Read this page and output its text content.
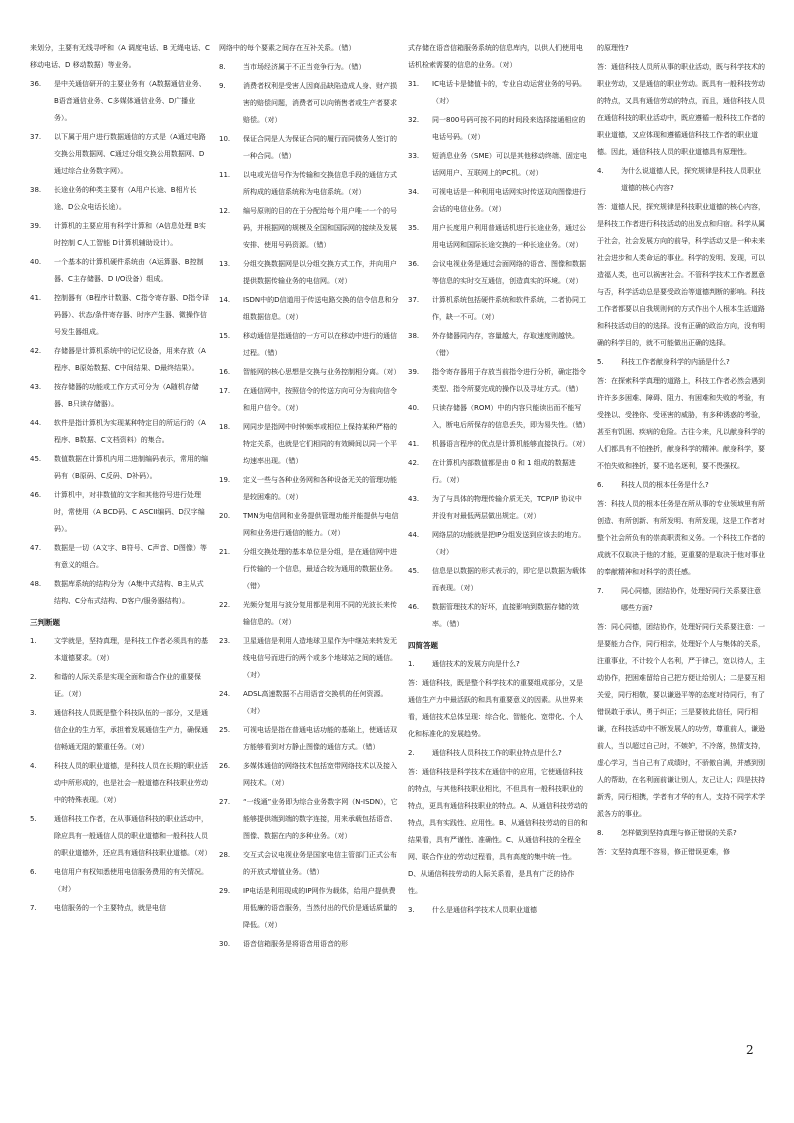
来划分，主要有无线寻呼和（A 调度电话、B 无绳电话、C 移动电话、D 移动数据）等业务。
36.	是中关通信研开的主要业务有（A数据通信业务、B语音通信业务、C多媒体通信业务、D广播业务）。
37.	以下属于用户进行数据通信的方式是（A通过电路交换公用数据网、C通过分组交换公用数据网、D通过综合业务数字网）。
38.	长途业务的种类主要有（A用户长途、B相片长途、D公众电话长途）。
39.	计算机的主要应用有科学计算和（A信息处理 B实时控制 C人工智能 D计算机辅助设计）。
40.	一个基本的计算机硬件系统由（A运算器、B控制器、C主存储器、D I/O设备）组成。
41.	控制器有（B程序计数器、C指令寄存器、D指令译码器）、状态/条件寄存器、时序产生器、微操作信号发生器组成。
42.	存储器是计算机系统中的记忆设备，用来存放（A程序、B原始数据、C中间结果、D最终结果）。
43.	按存储器的功能或工作方式可分为（A随机存储器、B只读存储器）。
44.	软件是指计算机为实现某种特定目的所运行的（A程序、B数据、C文档资料）的集合。
45.	数值数据在计算机内用二进制编码表示，常用的编码有（B原码、C反码、D补码）。
46.	计算机中，对非数值的文字和其他符号进行处理时，常使用（A BCD码、C ASCII编码、D汉字编码）。
47.	数据是一切（A文字、B符号、C声音、D图像）等有意义的组合。
48.	数据库系统的结构分为（A集中式结构、B主从式结构、C分布式结构、D客户/服务器结构）。
三判断题
1.	文学就是，坚持真理，是科技工作者必须具有的基本道德要求。（对）
2.	和谐的人际关系是实现全面和谐合作业的重要保证。（对）
3.	通信科技人员既是整个科技队伍的一部分，又是通信企业的生力军，承担着发展通信生产力，确保通信畅通无阻的繁重任务。（对）
4.	科技人员的职业道德，是科技人员在长期的职业活动中所形成的，也是社会一般道德在科技职业劳动中的特殊表现。（对）
5.	通信科技工作者，在从事通信科技的职业活动中，除应具有一般通信人员的职业道德和一般科技人员的职业道德外，还应具有通信科技职业道德。（对）
6.	电信用户有权知悉使用电信服务费用的有关情况。（对）
7.	电信服务的一个主要特点，就是电信
网络中的每个要素之间存在互补关系。（错）
8.	当市场经济属于不正当竞争行为。（错）
9.	消费者权利是受害人因商品缺陷造成人身、财产损害的赔偿问题，消费者可以向销售者或生产者要求赔偿。（对）
10.	保证合同是人为保证合同的履行而同债务人签订的一种合同。（错）
11.	以电或光信号作为传输和交换信息手段的通信方式所构成的通信系统称为电信系统。（对）
12.	编号原则的目的在于分配给每个用户唯一一个的号码，并根据网的规模及全国和国际网的接续及发展安排、使用号码资源。（错）
13.	分组交换数据网是以分组交换方式工作，并向用户提供数据传输业务的电信网。（对）
14.	ISDN中的D信道用于传送电路交换的信令信息和分组数据信息。（对）
15.	移动通信是指通信的一方可以在移动中进行的通信过程。（错）
16.	智能网的核心思想是交换与业务控制相分离。（对）
17.	在通信网中，按照信令的传送方向可分为前向信令和用户信令。（对）
18.	网同步是指网中时钟频率或相位上保持某种严格的特定关系，也就是它们相同的有效瞬间以同一个平均速率出现。（错）
19.	定义一些与各种业务网和各种设备无关的管理功能是较困难的。（对）
20.	TMN为电信网和业务提供管理功能并能提供与电信网和业务进行通信的能力。（对）
21.	分组交换处理的基本单位是分组，是在通信网中进行传输的一个信息，最适合较为通用的数据业务。（错）
22.	光频分复用与波分复用都是利用不同的光波长来传输信息的。（对）
23.	卫星通信是利用人造地球卫星作为中继站来转发无线电信号而进行的两个或多个地球站之间的通信。（对）
24.	ADSL高速数据不占用语音交换机的任何资源。（对）
25.	可视电话是指在普通电话功能的基础上，使通话双方能够看到对方静止图像的通信方式。（错）
26.	多媒体通信的网络技术包括宽带网络技术以及接入网技术。（对）
27.	“一线通”业务即为综合业务数字网（N-ISDN），它能够提供端到端的数字连接，用来承载包括语音、图像、数据在内的多种业务。（对）
28.	交互式会议电视业务是国家电信主管部门正式公布的开放式增值业务。（错）
29.	IP电话是利用现成的IP网作为载体，给用户提供费用低廉的语音服务，当然付出的代价是通话质量的降低。（对）
30.	语音信箱服务是将语音用语音的形
式存储在语音信箱服务系统的信息库内，以供人们使用电话机检索需要的信息的业务。（对）
31.	IC电话卡是储值卡的，专业自动运营业务的号码。（对）
32.	同一800号码可按不同的时间段来选择接通相应的电话号码。（对）
33.	短消息业务（SME）可以是其他移动终端、固定电话网用户、互联网上的PC机。（对）
34.	可视电话是一种利用电话网实时传送双向图像进行会话的电信业务。（对）
35.	用户长度用户利用普通话机进行长途业务，通过公用电话网和国际长途交换的一种长途业务。（对）
36.	会议电视业务是通过会面网络的语音、图像和数据等信息的实时交互通信，创造真实的环境。（对）
37.	计算机系统包括硬件系统和软件系统，二者协同工作，缺一不可。（对）
38.	外存储器同内存，容量越大，存取速度则越快。（错）
39.	指令寄存器用于存放当前指令进行分析，确定指令类型、指令所要完成的操作以及寻址方式。（错）
40.	只读存储器（ROM）中的内容只能读出而不能写入，断电后所保存的信息丢失，即为易失性。（错）
41.	机器语言程序的优点是计算机能够直接执行。（对）
42.	在计算机内部数值都是由 0 和 1 组成的数据进行。（对）
43.	为了与具体的物理传输介质无关，TCP/IP 协议中并没有对最低两层做出规定。（对）
44.	网络层的功能就是把IP分组发送到应该去的地方。（对）
45.	信息是以数据的形式表示的，即它是以数据为载体而表现。（对）
46.	数据管理技术的好坏，直接影响到数据存储的效率。（错）
四简答题
1.	通信技术的发展方向是什么?
答：通信科技，既是整个科学技术的重要组成部分，又是通信生产力中最活跃的和具有重要意义的因素。从世界来看，通信技术总体呈现：综合化、智能化、宽带化、个人化和标准化的发展趋势。
2.	通信科技人员科技工作的职业特点是什么?
答：通信科技是科学技术在通信中的应用，它使通信科技的特点，与其他科技职业相比，不但具有一般科技职业的特点，更具有通信科技职业的特点。A、从通信科技劳动的特点，具有实践性、应用性。B、从通信科技劳动的目的和结果看，具有严谨性、准确性。C、从通信科技的全程全网、联合作业的劳动过程看，具有高度的集中统一性。D、从通信科技劳动的人际关系看，是具有广泛的协作性。
3.	什么是通信科学技术人员职业道德
的原理性?
答：通信科技人员所从事的职业活动，既与科学技术的职业劳动，又是通信的职业劳动。既具有一般科技劳动的特点，又具有通信劳动的特点，而且，通信科技人员在通信科技的职业活动中，既应遵循一般科技工作者的职业道德，又应体现和遵循通信科技工作者的职业道德。因此，通信科技人员的职业道德具有原理性。
4.	为什么说道德人民，探究规律是科技人员职业道德的核心内容?
答：道德人民，探究规律是科技职业道德的核心内容，是科技工作者进行科技活动的出发点和归宿。科学从属于社会，社会发展方向的前导，科学活动又是一种未来社会进步和人类命运的事业。科学的发明、发现，可以造福人类，也可以祸害社会。不管科学技术工作者愿意与否，科学活动总是要受政治等道德判断的影响。科技工作者都要以自我规则何的方式作出个人根本生活道路和科技活动目的的选择。没有正确的政治方向，没有明确的科学目的，就不可能做出正确的选择。
5.	科技工作者献身科学的内涵是什么?
答：在探索科学真理的道路上，科技工作者必然会遇到许许多多困难、障碍、阻力、有困难和失败的考验，有受挫以、受挫你、受诬害的威胁，有多种诱惑的考验，甚至有饥困、疾病的危险。古往今来，凡以献身科学的人们都具有不怕挫折，献身科学的精神。献身科学，要不怕失败和挫折，要不追名逐利，要不畏强权。
6.	科技人员的根本任务是什么?
答：科技人员的根本任务是在所从事的专业领域里有所创造、有所创新、有所发明、有所发现，这是工作者对整个社会所负有的崇高职责和义务。一个科技工作者的成就不仅取决于他的才能，更重要的是取决于他对事业的奉献精神和对科学的责任感。
7.	同心同德，团结协作，处理好同行关系要注意哪些方面?
答：同心同德，团结协作，处理好同行关系要注意：一是要能力合作，同行相亲，处理好个人与集体的关系，注重事业，不计较个人名利，严于律己，宽以待人，主动协作，把困难留给自己把方便让给别人；二是要互相关爱，同行相敬，要以谦逊平等的态度对待同行，有了错误敢于承认，勇于纠正；三是要彼此信任，同行相谦，在科技活动中不断发展人的功劳，尊重前人，谦逊前人，当以超过自己时，不嫉妒，不冷落，热情支持，虚心学习，当自己有了成绩时，不骄傲自满，并感到别人的帮助，在名利面前谦让别人，友己让人；四是扶持新秀，同行相携，学者有才华的有人，支持不同学术学派各方的事业。
8.	怎样做到坚持真理与修正错误的关系?
答：文坚持真理不容易，修正错误更难，修
2
